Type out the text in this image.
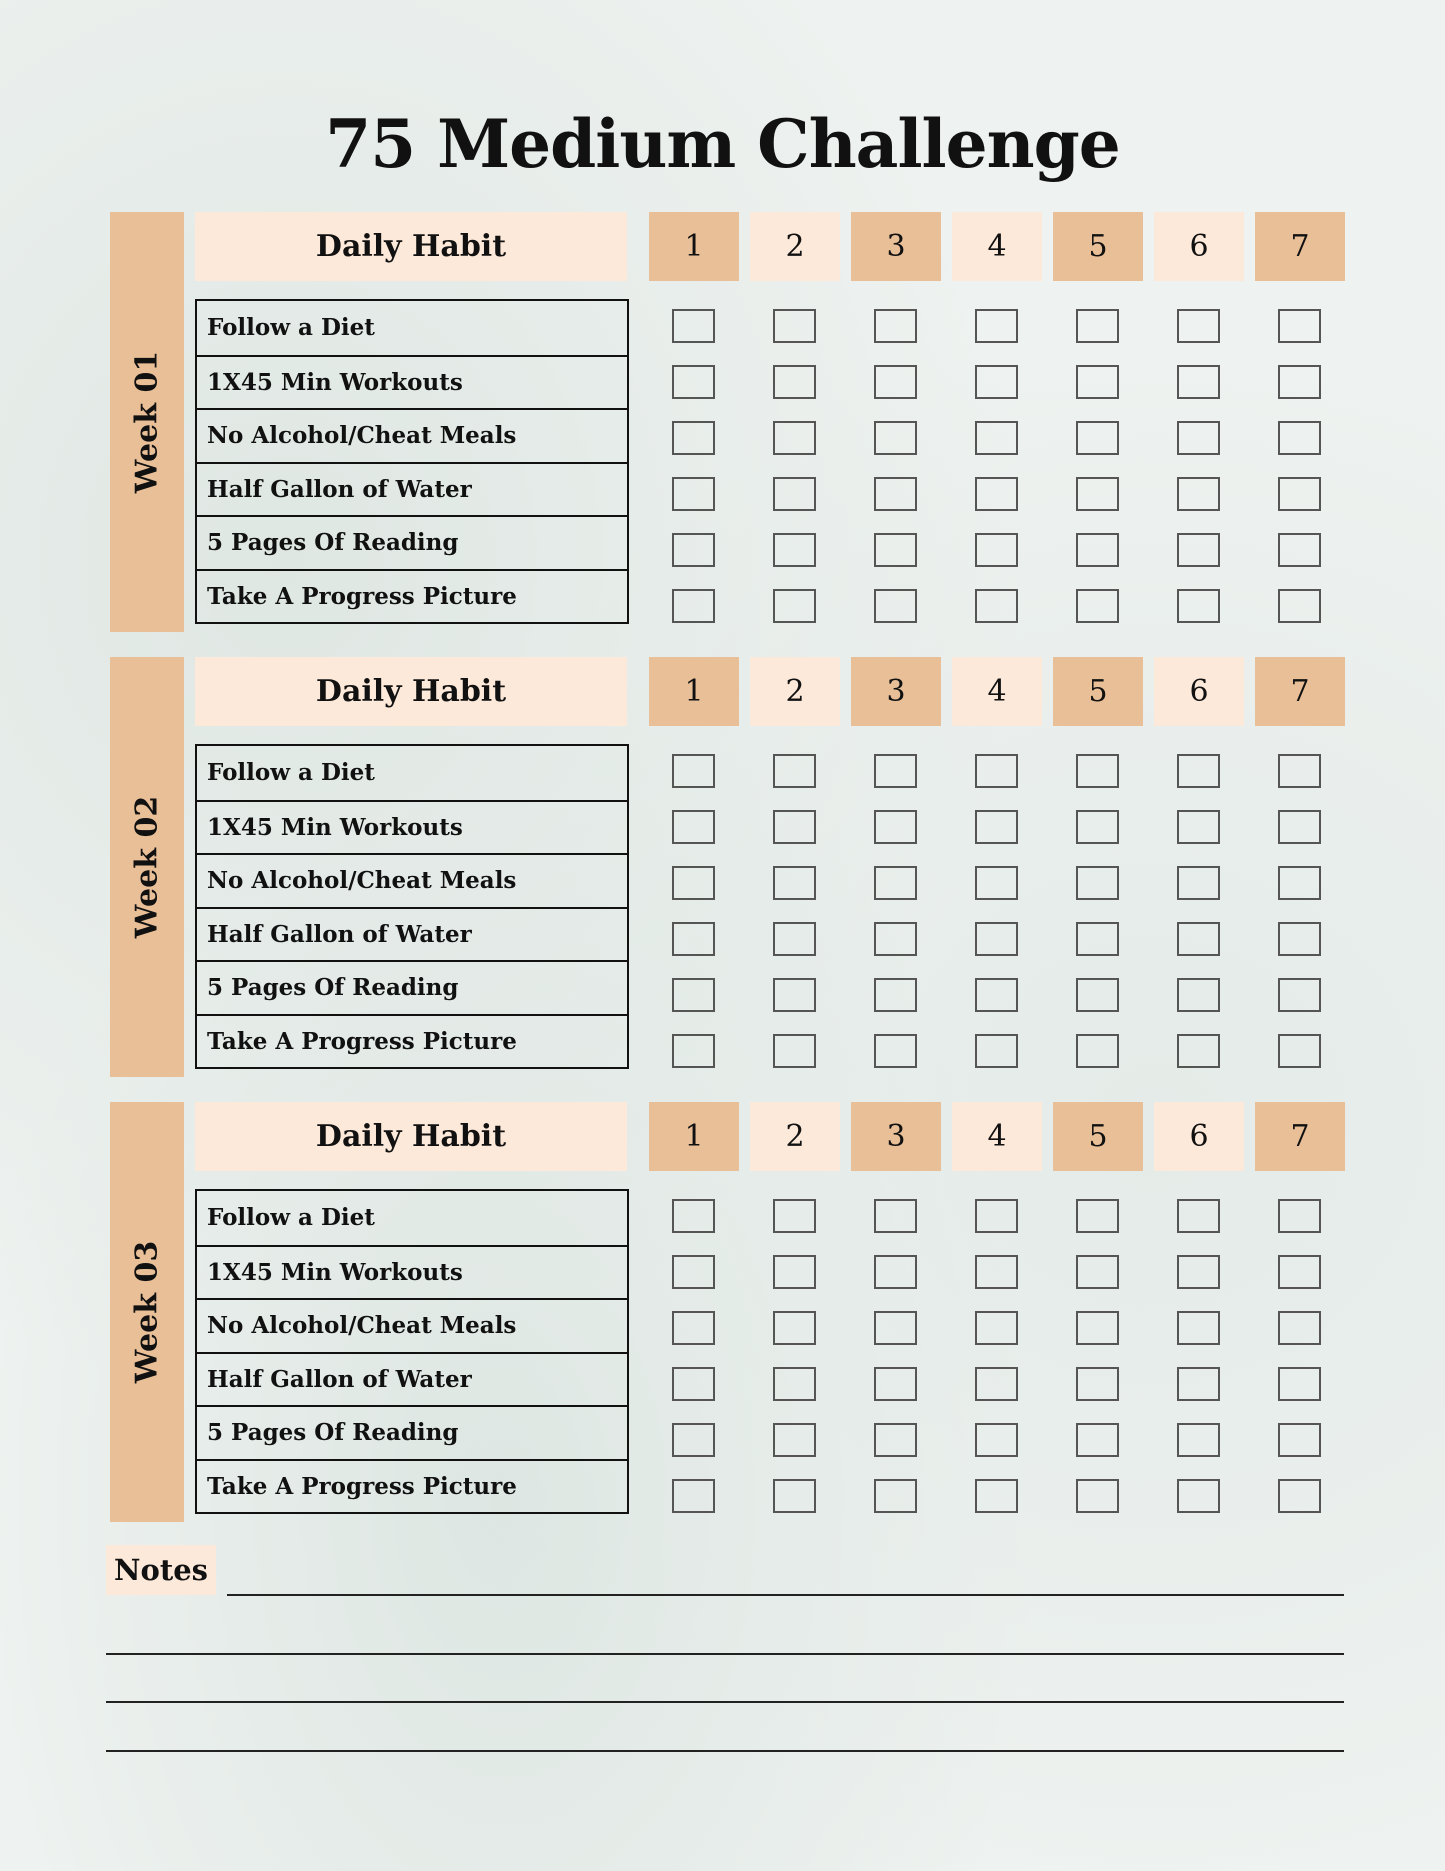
75 Medium Challenge
Week 01
Daily Habit	1	2	3	4	5	6	7
Follow a Diet
1X45 Min Workouts
No Alcohol/Cheat Meals
Half Gallon of Water
5 Pages Of Reading
Take A Progress Picture
Week 02
Daily Habit	1	2	3	4	5	6	7
Follow a Diet
1X45 Min Workouts
No Alcohol/Cheat Meals
Half Gallon of Water
5 Pages Of Reading
Take A Progress Picture
Week 03
Daily Habit	1	2	3	4	5	6	7
Follow a Diet
1X45 Min Workouts
No Alcohol/Cheat Meals
Half Gallon of Water
5 Pages Of Reading
Take A Progress Picture
Notes
